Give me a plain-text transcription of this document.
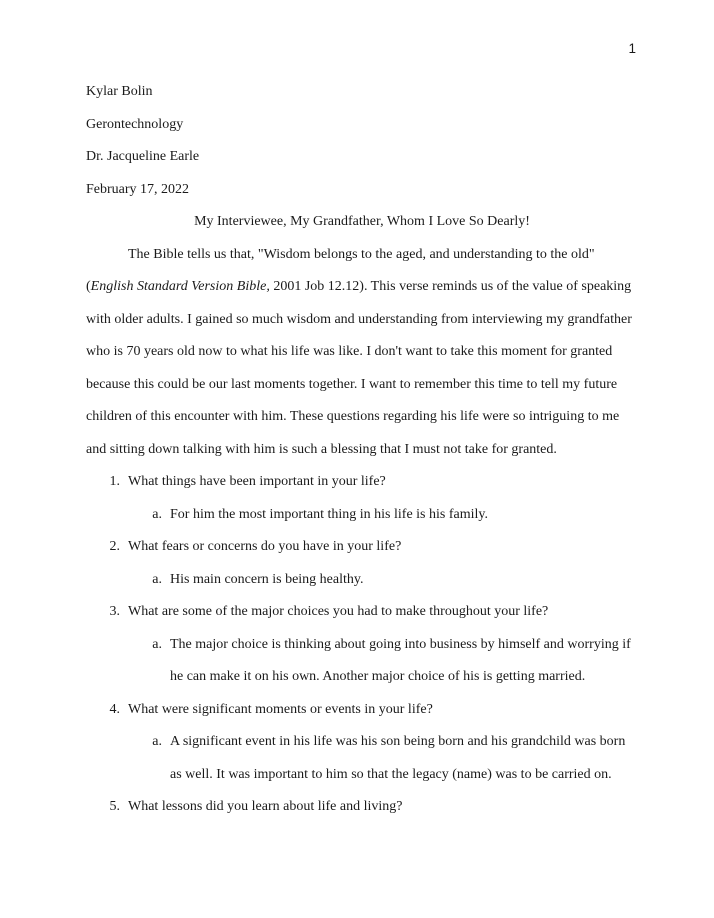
1
Kylar Bolin
Gerontechnology
Dr. Jacqueline Earle
February 17, 2022
My Interviewee, My Grandfather, Whom I Love So Dearly!
The Bible tells us that, "Wisdom belongs to the aged, and understanding to the old"
(English Standard Version Bible, 2001 Job 12.12). This verse reminds us of the value of speaking
with older adults. I gained so much wisdom and understanding from interviewing my grandfather
who is 70 years old now to what his life was like. I don't want to take this moment for granted
because this could be our last moments together. I want to remember this time to tell my future
children of this encounter with him. These questions regarding his life were so intriguing to me
and sitting down talking with him is such a blessing that I must not take for granted.
1. What things have been important in your life?
a. For him the most important thing in his life is his family.
2. What fears or concerns do you have in your life?
a. His main concern is being healthy.
3. What are some of the major choices you had to make throughout your life?
a. The major choice is thinking about going into business by himself and worrying if
he can make it on his own. Another major choice of his is getting married.
4. What were significant moments or events in your life?
a. A significant event in his life was his son being born and his grandchild was born
as well. It was important to him so that the legacy (name) was to be carried on.
5. What lessons did you learn about life and living?
